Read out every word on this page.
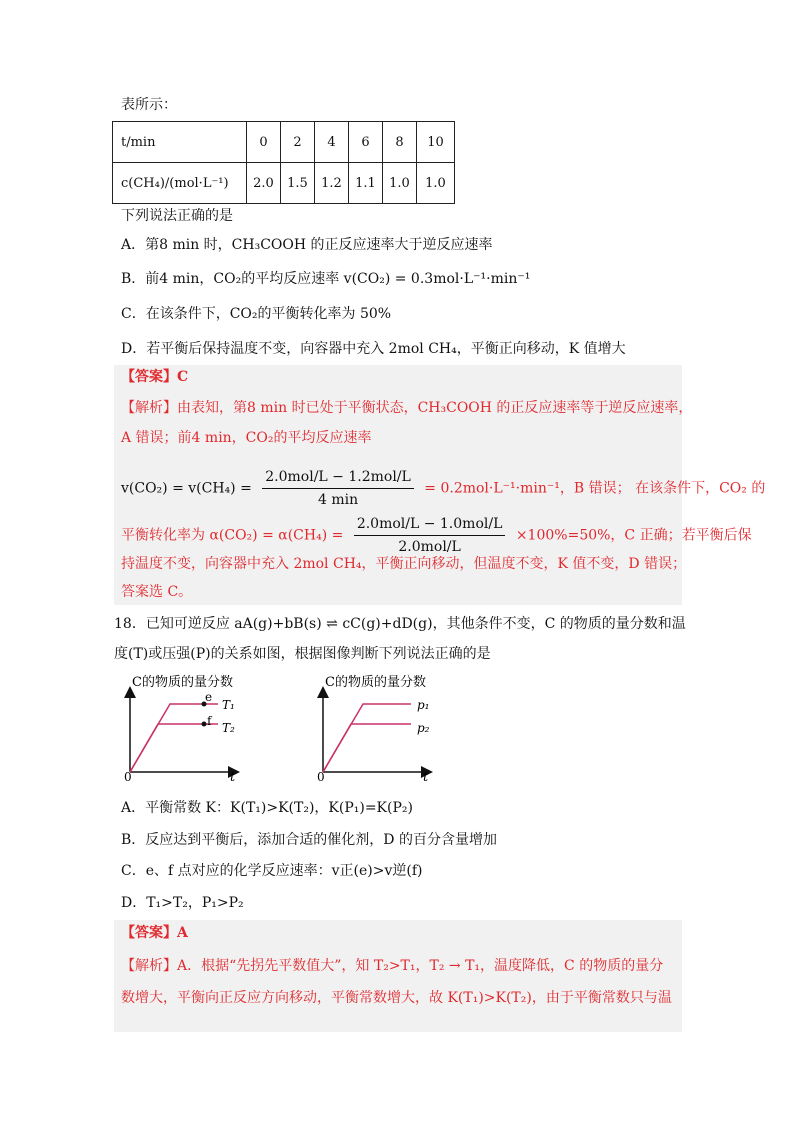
表所示：
t/min	0	2	4	6	8	10
c(CH₄)/(mol·L⁻¹)	2.0	1.5	1.2	1.1	1.0	1.0
下列说法正确的是
A．第8 min 时，CH₃COOH 的正反应速率大于逆反应速率
B．前4 min，CO₂的平均反应速率 v(CO₂) = 0.3mol·L⁻¹·min⁻¹
C．在该条件下，CO₂的平衡转化率为 50%
D．若平衡后保持温度不变，向容器中充入 2mol CH₄，平衡正向移动，K 值增大
【答案】C
【解析】由表知，第8 min 时已处于平衡状态，CH₃COOH 的正反应速率等于逆反应速率，
A 错误；前4 min，CO₂的平均反应速率
v(CO₂) = v(CH₄) =
2.0mol/L − 1.2mol/L
4 min
= 0.2mol·L⁻¹·min⁻¹，B 错误； 在该条件下，CO₂ 的
平衡转化率为 α(CO₂) = α(CH₄) =
2.0mol/L − 1.0mol/L
2.0mol/L
×100%=50%，C 正确；若平衡后保
持温度不变，向容器中充入 2mol CH₄，平衡正向移动，但温度不变，K 值不变，D 错误；
答案选 C。
18．已知可逆反应 aA(g)+bB(s) ⇌ cC(g)+dD(g)，其他条件不变，C 的物质的量分数和温
度(T)或压强(P)的关系如图，根据图像判断下列说法正确的是
C的物质的量分数
0	t
e
f
T₁
T₂
C的物质的量分数
0	t
p₁
p₂
A．平衡常数 K：K(T₁)>K(T₂)，K(P₁)=K(P₂)
B．反应达到平衡后，添加合适的催化剂，D 的百分含量增加
C．e、f 点对应的化学反应速率：v正(e)>v逆(f)
D．T₁>T₂，P₁>P₂
【答案】A
【解析】A．根据“先拐先平数值大”，知 T₂>T₁，T₂ → T₁，温度降低，C 的物质的量分
数增大，平衡向正反应方向移动，平衡常数增大，故 K(T₁)>K(T₂)，由于平衡常数只与温
